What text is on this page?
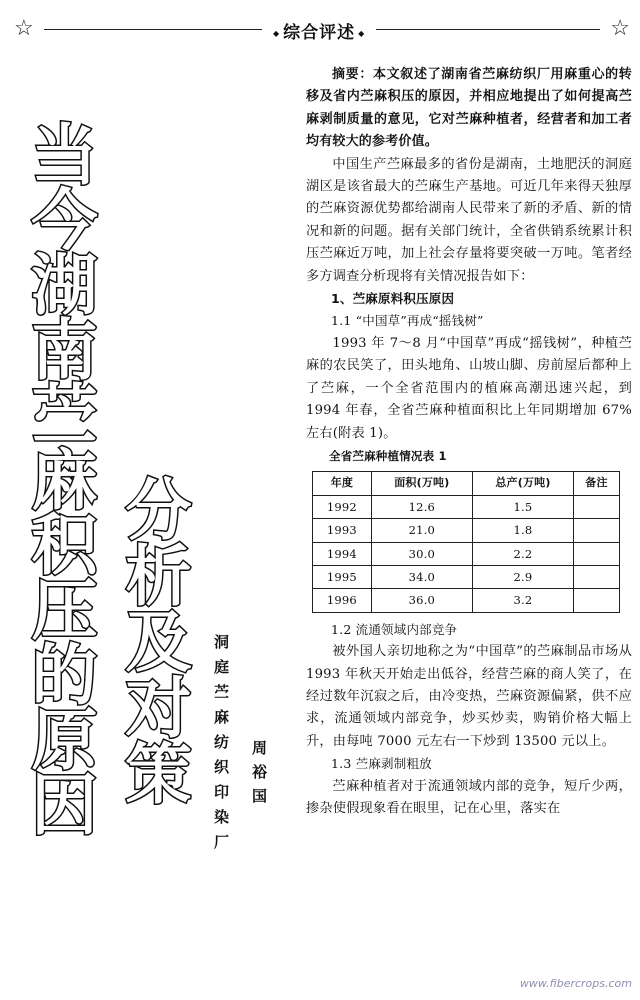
☆	◆ 综合评述 ◆	☆
当今湖南苎麻积压的原因 分析及对策 洞庭苎麻纺织印染厂 周裕国

摘要：本文叙述了湖南省苎麻纺织厂用麻重心的转移及省内苎麻积压的原因，并相应地提出了如何提高苎麻剥制质量的意见，它对苎麻种植者，经营者和加工者均有较大的参考价值。

中国生产苎麻最多的省份是湖南，土地肥沃的洞庭湖区是该省最大的苎麻生产基地。可近几年来得天独厚的苎麻资源优势都给湖南人民带来了新的矛盾、新的情况和新的问题。据有关部门统计，全省供销系统累计积压苎麻近万吨，加上社会存量将要突破一万吨。笔者经多方调查分析现将有关情况报告如下：

1、苎麻原料积压原因

1.1 “中国草”再成“摇钱树”

1993 年 7～8 月“中国草”再成“摇钱树”，种植苎麻的农民笑了，田头地角、山坡山脚、房前屋后都种上了苎麻，一个全省范围内的植麻高潮迅速兴起，到 1994 年春，全省苎麻种植面积比上年同期增加 67%左右(附表 1)。

全省苎麻种植情况表 1

年度	面积(万吨)	总产(万吨)	备注
1992	12.6	1.5	
1993	21.0	1.8	
1994	30.0	2.2	
1995	34.0	2.9	
1996	36.0	3.2	

1.2 流通领域内部竞争

被外国人亲切地称之为“中国草”的苎麻制品市场从 1993 年秋天开始走出低谷，经营苎麻的商人笑了，在经过数年沉寂之后，由冷变热，苎麻资源偏紧，供不应求，流通领域内部竞争，炒买炒卖，购销价格大幅上升，由每吨 7000 元左右一下炒到 13500 元以上。

1.3 苎麻剥制粗放

苎麻种植者对于流通领域内部的竞争，短斤少两，掺杂使假现象看在眼里，记在心里，落实在

www.fibercrops.com
